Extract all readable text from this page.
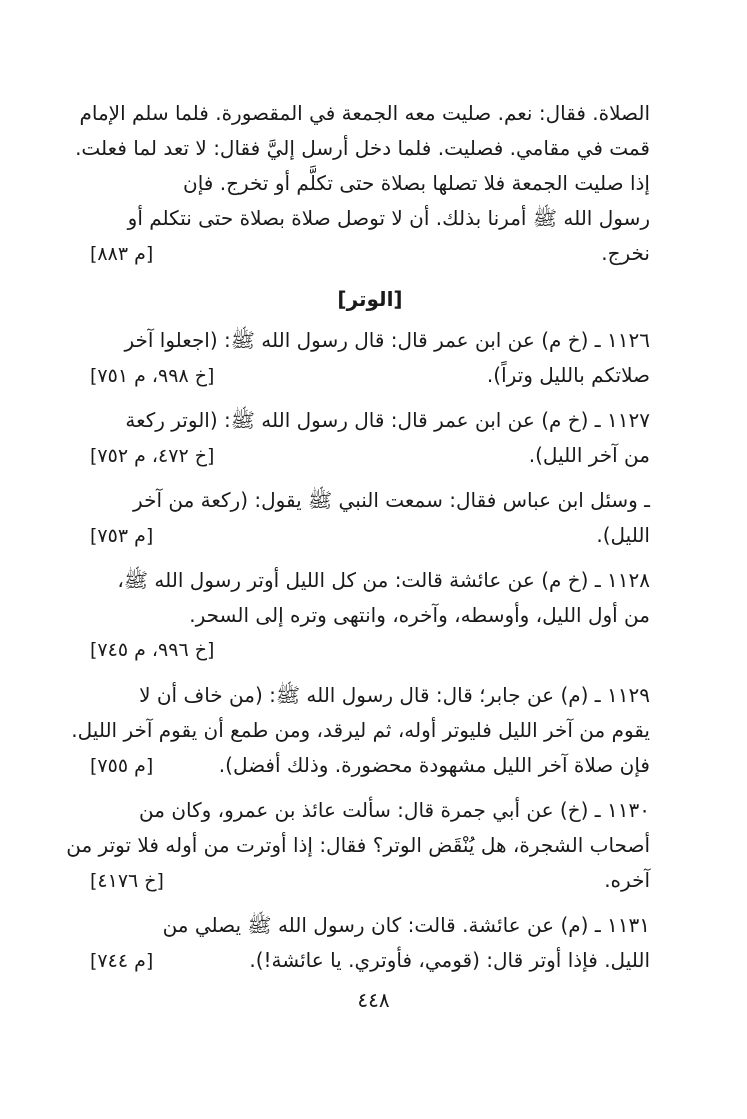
الصلاة. فقال: نعم. صليت معه الجمعة في المقصورة. فلما سلم الإمام
قمت في مقامي. فصليت. فلما دخل أرسل إليَّ فقال: لا تعد لما فعلت.
إذا صليت الجمعة فلا تصلها بصلاة حتى تكلَّم أو تخرج. فإن
رسول الله ﷺ أمرنا بذلك. أن لا توصل صلاة بصلاة حتى نتكلم أو
نخرج.
[م ٨٨٣]
[الوتر]
١١٢٦ ـ (خ م) عن ابن عمر قال: قال رسول الله ﷺ: (اجعلوا آخر
صلاتكم بالليل وتراً).
[خ ٩٩٨، م ٧٥١]
١١٢٧ ـ (خ م) عن ابن عمر قال: قال رسول الله ﷺ: (الوتر ركعة
من آخر الليل).
[خ ٤٧٢، م ٧٥٢]
ـ وسئل ابن عباس فقال: سمعت النبي ﷺ يقول: (ركعة من آخر
الليل).
[م ٧٥٣]
١١٢٨ ـ (خ م) عن عائشة قالت: من كل الليل أوتر رسول الله ﷺ،
من أول الليل، وأوسطه، وآخره، وانتهى وتره إلى السحر.
[خ ٩٩٦، م ٧٤٥]
١١٢٩ ـ (م) عن جابر؛ قال: قال رسول الله ﷺ: (من خاف أن لا
يقوم من آخر الليل فليوتر أوله، ثم ليرقد، ومن طمع أن يقوم آخر الليل.
فإن صلاة آخر الليل مشهودة محضورة. وذلك أفضل).
[م ٧٥٥]
١١٣٠ ـ (خ) عن أبي جمرة قال: سألت عائذ بن عمرو، وكان من
أصحاب الشجرة، هل يُنْقَض الوتر؟ فقال: إذا أوترت من أوله فلا توتر من
آخره.
[خ ٤١٧٦]
١١٣١ ـ (م) عن عائشة. قالت: كان رسول الله ﷺ يصلي من
الليل. فإذا أوتر قال: (قومي، فأوتري. يا عائشة!).
[م ٧٤٤]
٤٤٨
